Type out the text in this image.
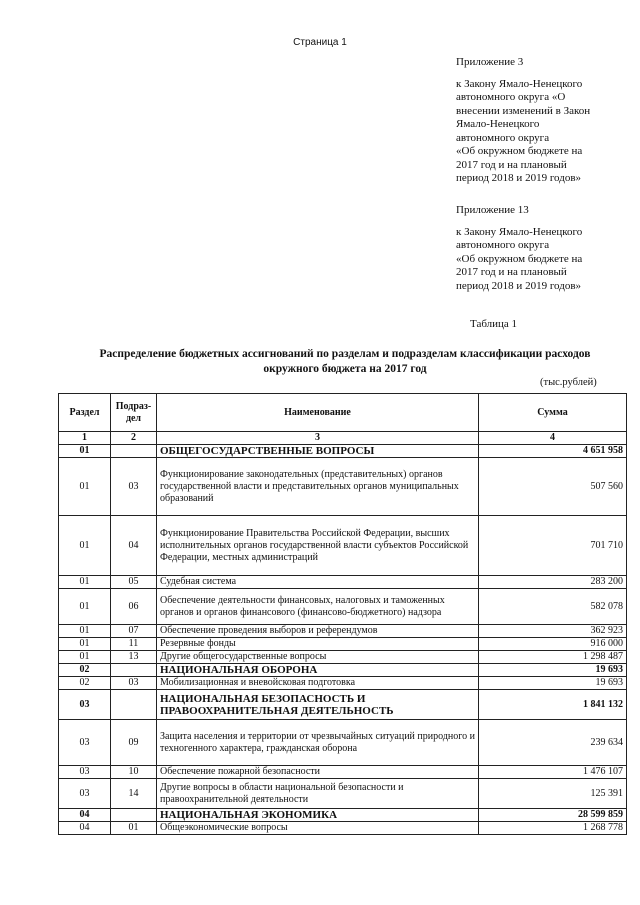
Страница 1
Приложение 3
к Закону Ямало-Ненецкого
автономного округа «О
внесении изменений в Закон
Ямало-Ненецкого
автономного округа
«Об окружном бюджете на
2017 год и на плановый
период 2018 и 2019 годов»
Приложение 13
к Закону Ямало-Ненецкого
автономного округа
«Об окружном бюджете на
2017 год и на плановый
период 2018 и 2019 годов»
Таблица 1
Распределение бюджетных ассигнований по разделам и подразделам классификации расходов
окружного бюджета на 2017 год
(тыс.рублей)
Раздел	Подраз-дел	Наименование	Сумма
1	2	3	4
01		ОБЩЕГОСУДАРСТВЕННЫЕ ВОПРОСЫ	4 651 958
01	03	Функционирование законодательных (представительных) органов государственной власти и представительных органов муниципальных образований	507 560
01	04	Функционирование Правительства Российской Федерации, высших исполнительных органов государственной власти субъектов Российской Федерации, местных администраций	701 710
01	05	Судебная система	283 200
01	06	Обеспечение деятельности финансовых, налоговых и таможенных органов и органов финансового (финансово-бюджетного) надзора	582 078
01	07	Обеспечение проведения выборов и референдумов	362 923
01	11	Резервные фонды	916 000
01	13	Другие общегосударственные вопросы	1 298 487
02		НАЦИОНАЛЬНАЯ ОБОРОНА	19 693
02	03	Мобилизационная и вневойсковая подготовка	19 693
03		НАЦИОНАЛЬНАЯ БЕЗОПАСНОСТЬ И ПРАВООХРАНИТЕЛЬНАЯ ДЕЯТЕЛЬНОСТЬ	1 841 132
03	09	Защита населения и территории от чрезвычайных ситуаций природного и техногенного характера, гражданская оборона	239 634
03	10	Обеспечение пожарной безопасности	1 476 107
03	14	Другие вопросы в области национальной безопасности и правоохранительной деятельности	125 391
04		НАЦИОНАЛЬНАЯ ЭКОНОМИКА	28 599 859
04	01	Общеэкономические вопросы	1 268 778
